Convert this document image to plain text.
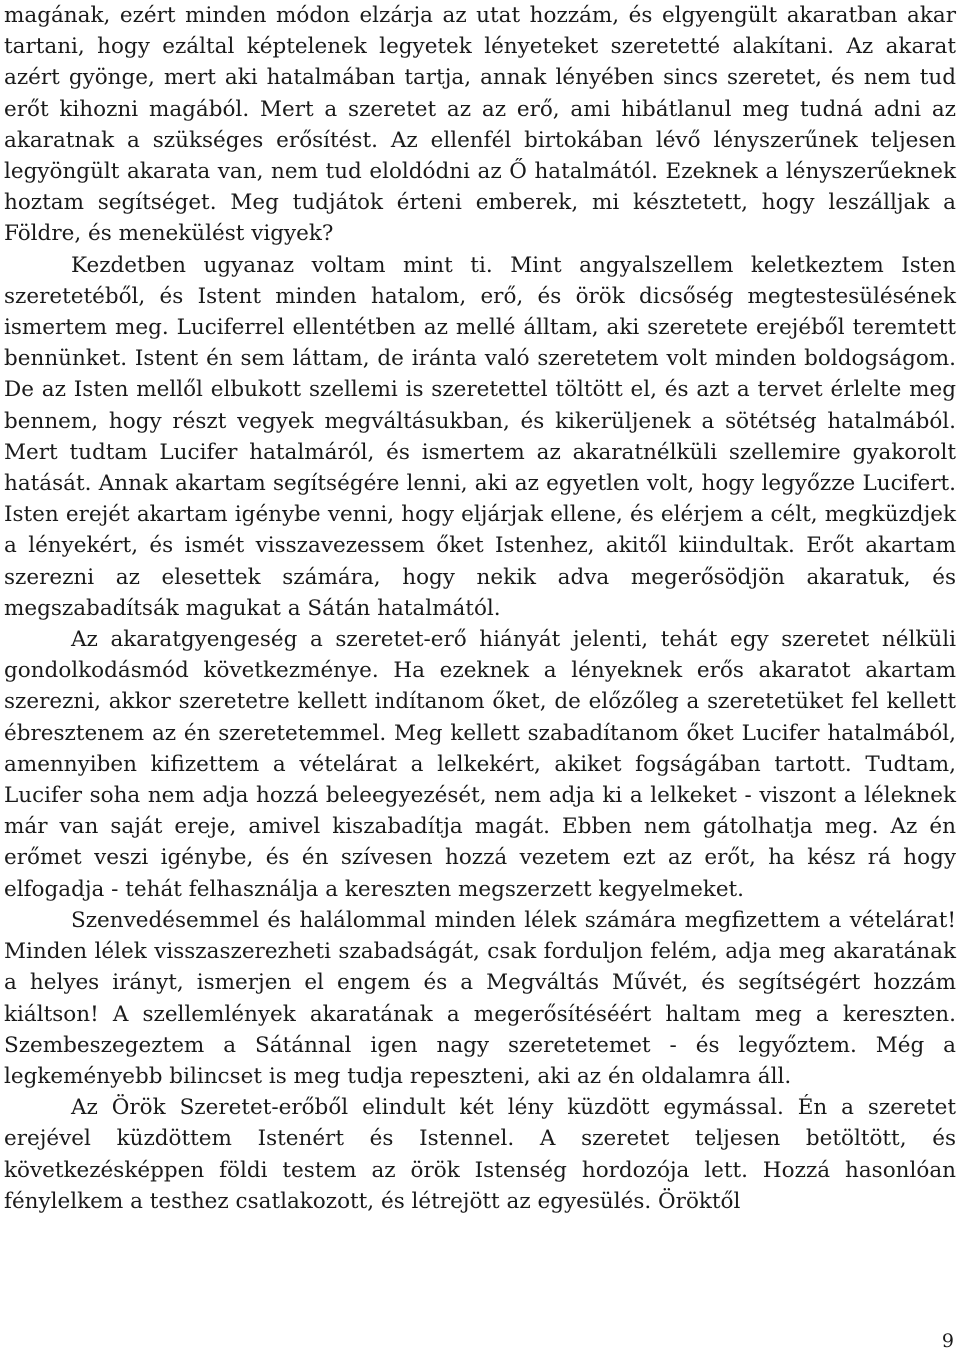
magának, ezért minden módon elzárja az utat hozzám, és elgyengült akaratban akar tartani, hogy ezáltal képtelenek legyetek lényeteket szeretetté alakítani. Az akarat azért gyönge, mert aki hatalmában tartja, annak lényében sincs szeretet, és nem tud erőt kihozni magából. Mert a szeretet az az erő, ami hibátlanul meg tudná adni az akaratnak a szükséges erősítést. Az ellenfél birtokában lévő lényszerűnek teljesen legyöngült akarata van, nem tud eloldódni az Ő hatalmától. Ezeknek a lényszerűeknek hoztam segítséget. Meg tudjátok érteni emberek, mi késztetett, hogy leszálljak a Földre, és menekülést vigyek?

Kezdetben ugyanaz voltam mint ti. Mint angyalszellem keletkeztem Isten szeretetéből, és Istent minden hatalom, erő, és örök dicsőség megtestesülésének ismertem meg. Luciferrel ellentétben az mellé álltam, aki szeretete erejéből teremtett bennünket. Istent én sem láttam, de iránta való szeretetem volt minden boldogságom. De az Isten mellől elbukott szellemi is szeretettel töltött el, és azt a tervet érlelte meg bennem, hogy részt vegyek megváltásukban, és kikerüljenek a sötétség hatalmából. Mert tudtam Lucifer hatalmáról, és ismertem az akaratnélküli szellemire gyakorolt hatását. Annak akartam segítségére lenni, aki az egyetlen volt, hogy legyőzze Lucifert. Isten erejét akartam igénybe venni, hogy eljárjak ellene, és elérjem a célt, megküzdjek a lényekért, és ismét visszavezessem őket Istenhez, akitől kiindultak. Erőt akartam szerezni az elesettek számára, hogy nekik adva megerősödjön akaratuk, és megszabadítsák magukat a Sátán hatalmától.

Az akaratgyengeség a szeretet-erő hiányát jelenti, tehát egy szeretet nélküli gondolkodásmód következménye. Ha ezeknek a lényeknek erős akaratot akartam szerezni, akkor szeretetre kellett indítanom őket, de előzőleg a szeretetüket fel kellett ébresztenem az én szeretetemmel. Meg kellett szabadítanom őket Lucifer hatalmából, amennyiben kifizettem a vételárat a lelkekért, akiket fogságában tartott. Tudtam, Lucifer soha nem adja hozzá beleegyezését, nem adja ki a lelkeket - viszont a léleknek már van saját ereje, amivel kiszabadítja magát. Ebben nem gátolhatja meg. Az én erőmet veszi igénybe, és én szívesen hozzá vezetem ezt az erőt, ha kész rá hogy elfogadja - tehát felhasználja a kereszten megszerzett kegyelmeket.

Szenvedésemmel és halálommal minden lélek számára megfizettem a vételárat! Minden lélek visszaszerezheti szabadságát, csak forduljon felém, adja meg akaratának a helyes irányt, ismerjen el engem és a Megváltás Művét, és segítségért hozzám kiáltson! A szellemlények akaratának a megerősítéséért haltam meg a kereszten. Szembeszegeztem a Sátánnal igen nagy szeretetemet - és legyőztem. Még a legkeményebb bilincset is meg tudja repeszteni, aki az én oldalamra áll.

Az Örök Szeretet-erőből elindult két lény küzdött egymással. Én a szeretet erejével küzdöttem Istenért és Istennel. A szeretet teljesen betöltött, és következésképpen földi testem az örök Istenség hordozója lett. Hozzá hasonlóan fénylelkem a testhez csatlakozott, és létrejött az egyesülés. Öröktől

9
